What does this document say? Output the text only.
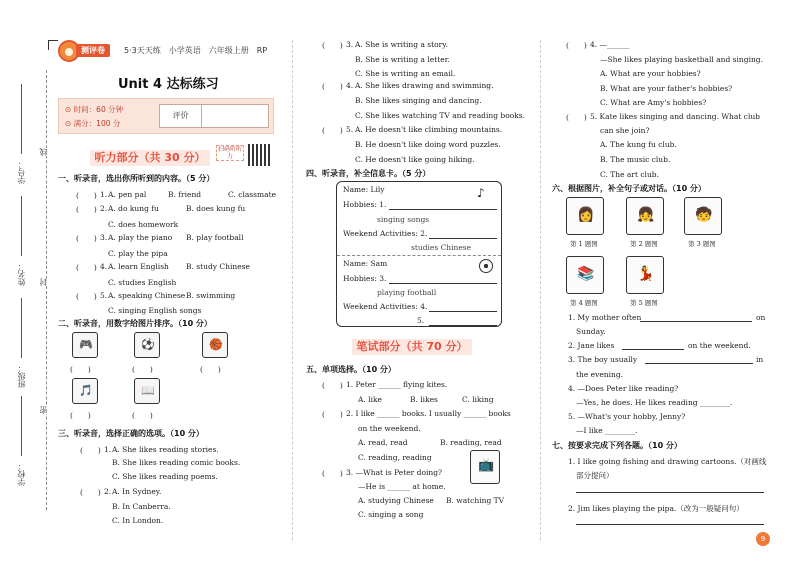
线
封
密
学号：
姓名：
班级：
学校：
测评卷	5·3天天练　小学英语　六年级上册　RP
Unit 4 达标练习
⊙ 时间：60 分钟
⊙ 满分：100 分
评价
听力部分（共 30 分）
扫码听听力
一、听录音，选出你所听到的内容。（5 分）
(　　) 1. A. pen pal	B. friend	C. classmate
(　　) 2. A. do kung fu	B. does kung fu
C. does homework
(　　) 3. A. play the piano B. play football
C. play the pipa
(　　) 4. A. learn English B. study Chinese
C. studies English
(　　) 5. A. speaking Chinese B. swimming
C. singing English songs
二、听录音，用数字给图片排序。（10 分）
🎮
(　　)
⚽
(　　)
🏀
(　　)
🎵
(　　)
📖
(　　)
三、听录音，选择正确的选项。（10 分）
(　　) 1. A. She likes reading stories.
B. She likes reading comic books.
C. She likes reading poems.
(　　) 2. A. In Sydney.
B. In Canberra.
C. In London.
(　　) 3. A. She is writing a story.
B. She is writing a letter.
C. She is writing an email.
(　　) 4. A. She likes drawing and swimming.
B. She likes singing and dancing.
C. She likes watching TV and reading books.
(　　) 5. A. He doesn't like climbing mountains.
B. He doesn't like doing word puzzles.
C. He doesn't like going hiking.
四、听录音，补全信息卡。（5 分）
Name: Lily	♪
Hobbies: 1.
singing songs
Weekend Activities: 2.
studies Chinese
Name: Sam
Hobbies: 3.
playing football
Weekend Activities: 4.
5.
笔试部分（共 70 分）
五、单项选择。（10 分）
(　　) 1. Peter ______ flying kites.
A. like	B. likes	C. liking
(　　) 2. I like ______ books. I usually ______ books
on the weekend.
A. read, read	B. reading, read
C. reading, reading
(　　) 3. —What is Peter doing?
—He is ______ at home.
A. studying Chinese B. watching TV
C. singing a song
(　　) 4. —______
—She likes playing basketball and singing.
A. What are your hobbies?
B. What are your father's hobbies?
C. What are Amy's hobbies?
(　　) 5. Kate likes singing and dancing. What club
can she join?
A. The kung fu club.
B. The music club.
C. The art club.
📺
六、根据图片，补全句子或对话。（10 分）
👩
第 1 题图
👧
第 2 题图
🧒
第 3 题图
📚
第 4 题图
💃
第 5 题图
1. My mother often	on
Sunday.
2. Jane likes	on the weekend.
3. The boy usually	in
the evening.
4. —Does Peter like reading?
—Yes, he does. He likes reading ________.
5. —What's your hobby, Jenny?
—I like ________.
七、按要求完成下列各题。（10 分）
1. I like going fishing and drawing cartoons.（对画线
部分提问）
2. Jim likes playing the pipa.（改为一般疑问句）
9
